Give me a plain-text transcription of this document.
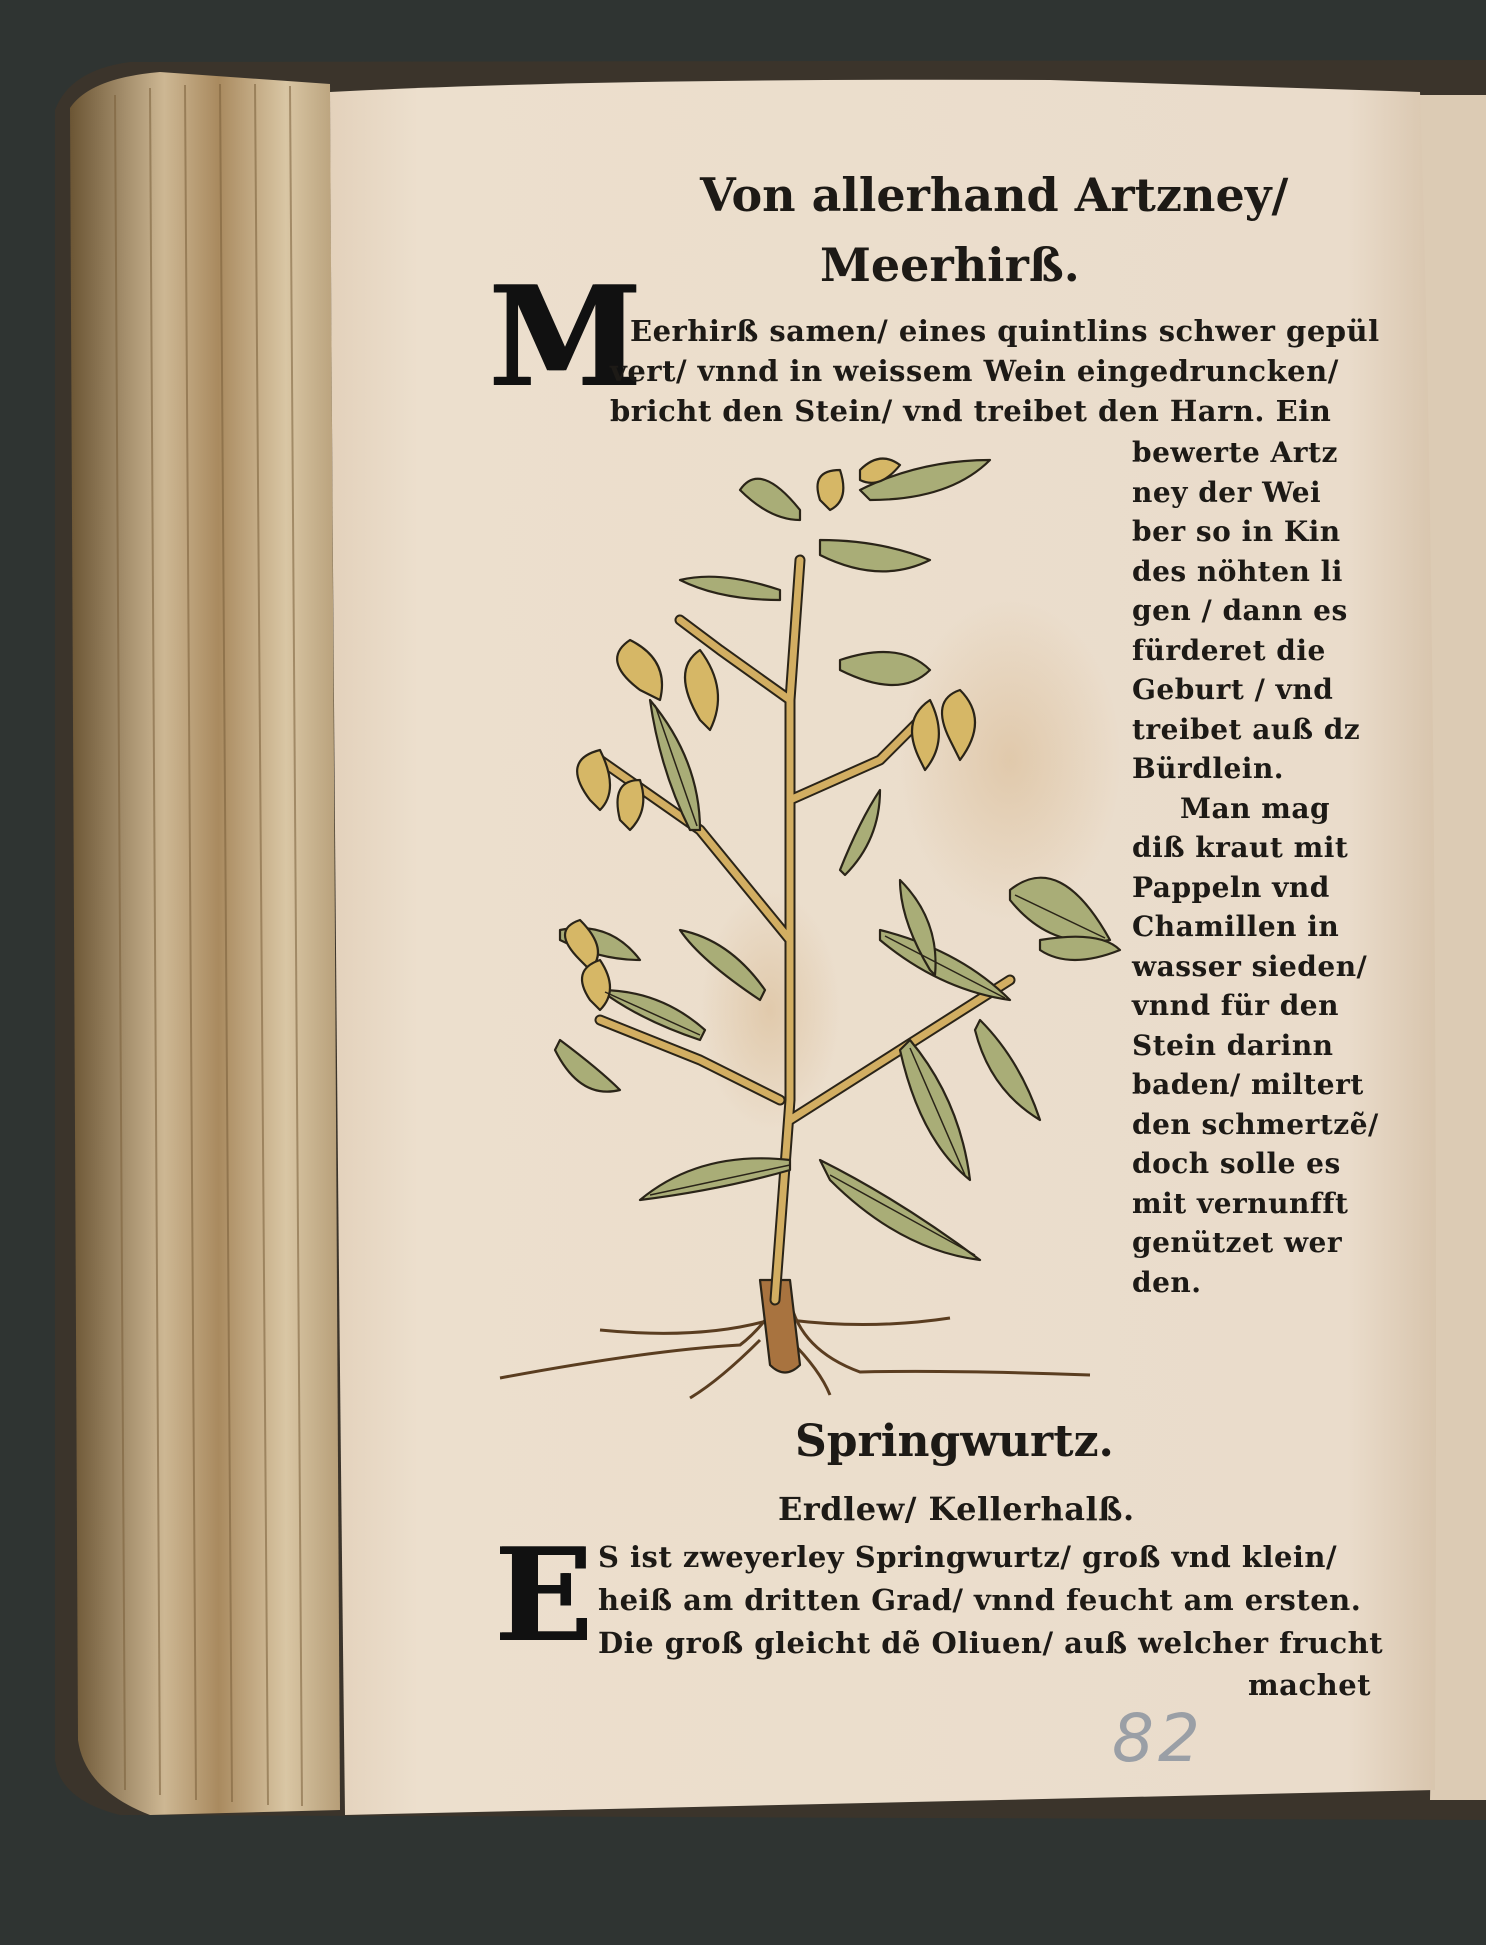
Von allerhand Artzney/
Meerhirß.
M
Eerhirß samen/ eines quintlins schwer gepül
vert/ vnnd in weissem Wein eingedruncken/
bricht den Stein/ vnd treibet den Harn. Ein
bewerte Artz
ney der Wei
ber so in Kin
des nöhten li
gen / dann es
fürderet die
Geburt / vnd
treibet auß dz
Bürdlein.
Man mag
diß kraut mit
Pappeln vnd
Chamillen in
wasser sieden/
vnnd für den
Stein darinn
baden/ miltert
den schmertzẽ/
doch solle es
mit vernunfft
genützet wer
den.
Springwurtz.
Erdlew/ Kellerhalß.
E S ist zweyerley Springwurtz/ groß vnd klein/
heiß am dritten Grad/ vnnd feucht am ersten.
Die groß gleicht dẽ Oliuen/ auß welcher frucht
machet
82
